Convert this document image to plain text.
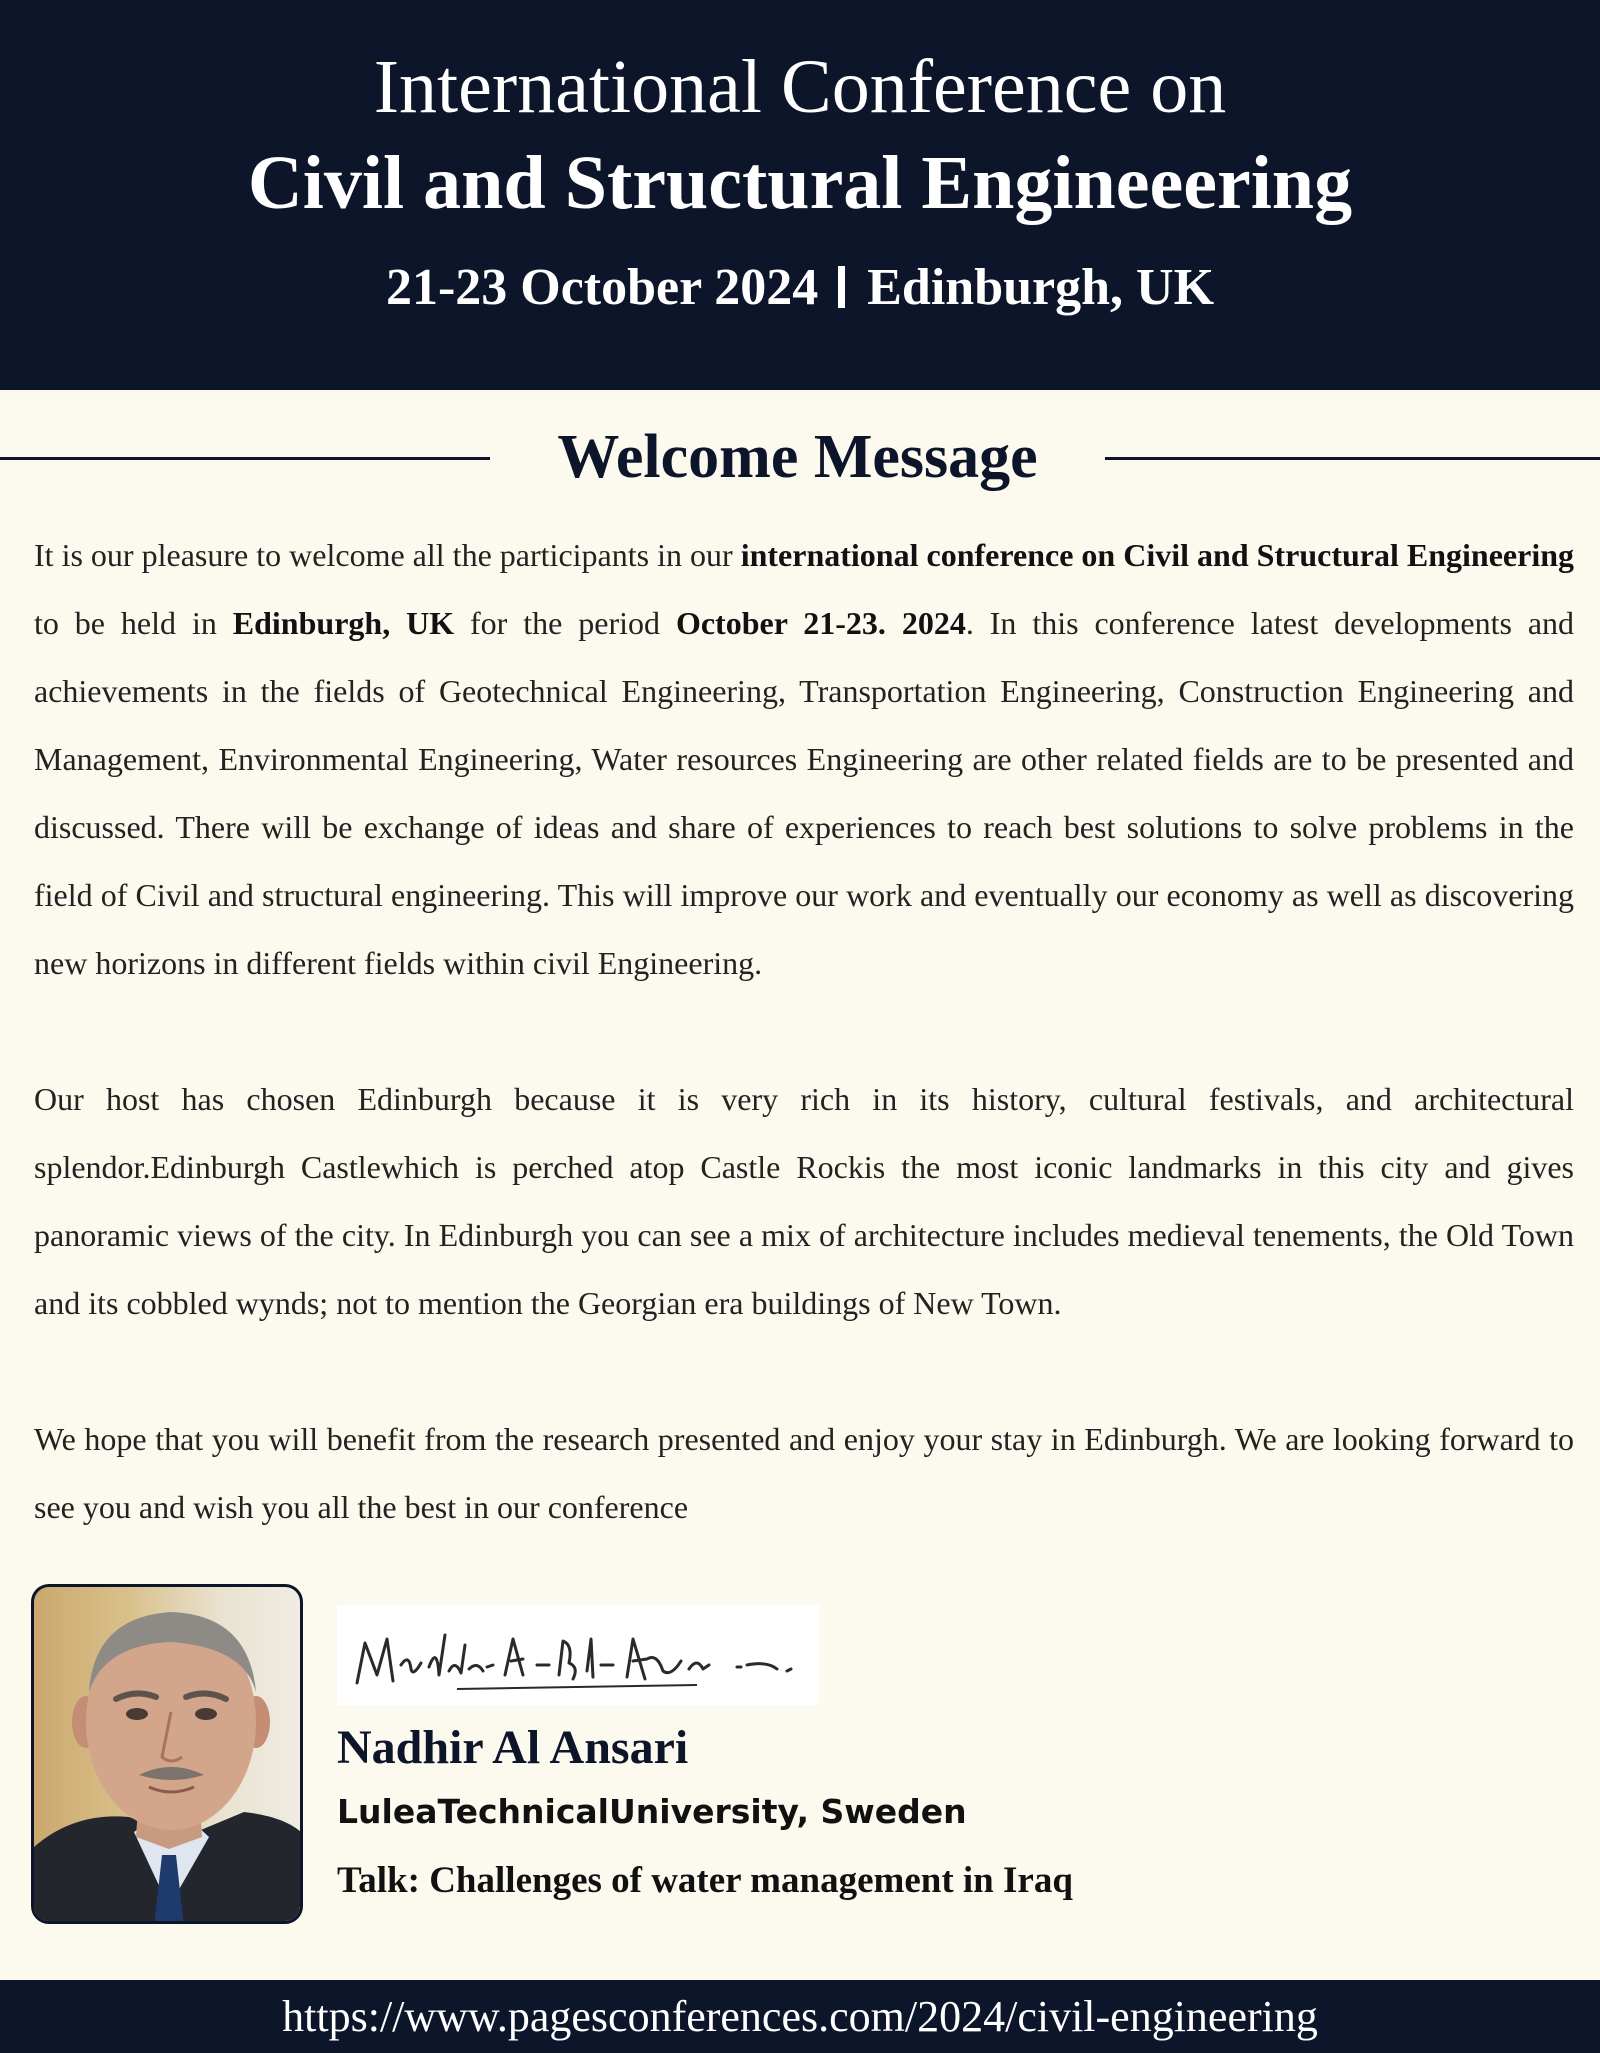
International Conference on
Civil and Structural Engineeering
21-23 October 2024 Edinburgh, UK
Welcome Message

It is our pleasure to welcome all the participants in our international conference on Civil and Structural Engineering to be held in Edinburgh, UK for the period October 21-23. 2024. In this conference latest developments and achievements in the fields of Geotechnical Engineering, Transportation Engineering, Construction Engineering and Management, Environmental Engineering, Water resources Engineering are other related fields are to be presented and discussed. There will be exchange of ideas and share of experiences to reach best solutions to solve problems in the field of Civil and structural engineering. This will improve our work and eventually our economy as well as discovering new horizons in different fields within civil Engineering.

Our host has chosen Edinburgh because it is very rich in its history, cultural festivals, and architectural splendor.Edinburgh Castlewhich is perched atop Castle Rockis the most iconic landmarks in this city and gives panoramic views of the city. In Edinburgh you can see a mix of architecture includes medieval tenements, the Old Town and its cobbled wynds; not to mention the Georgian era buildings of New Town.

We hope that you will benefit from the research presented and enjoy your stay in Edinburgh. We are looking forward to see you and wish you all the best in our conference

Nadhir Al Ansari
LuleaTechnicalUniversity, Sweden
Talk: Challenges of water management in Iraq
https://www.pagesconferences.com/2024/civil-engineering
